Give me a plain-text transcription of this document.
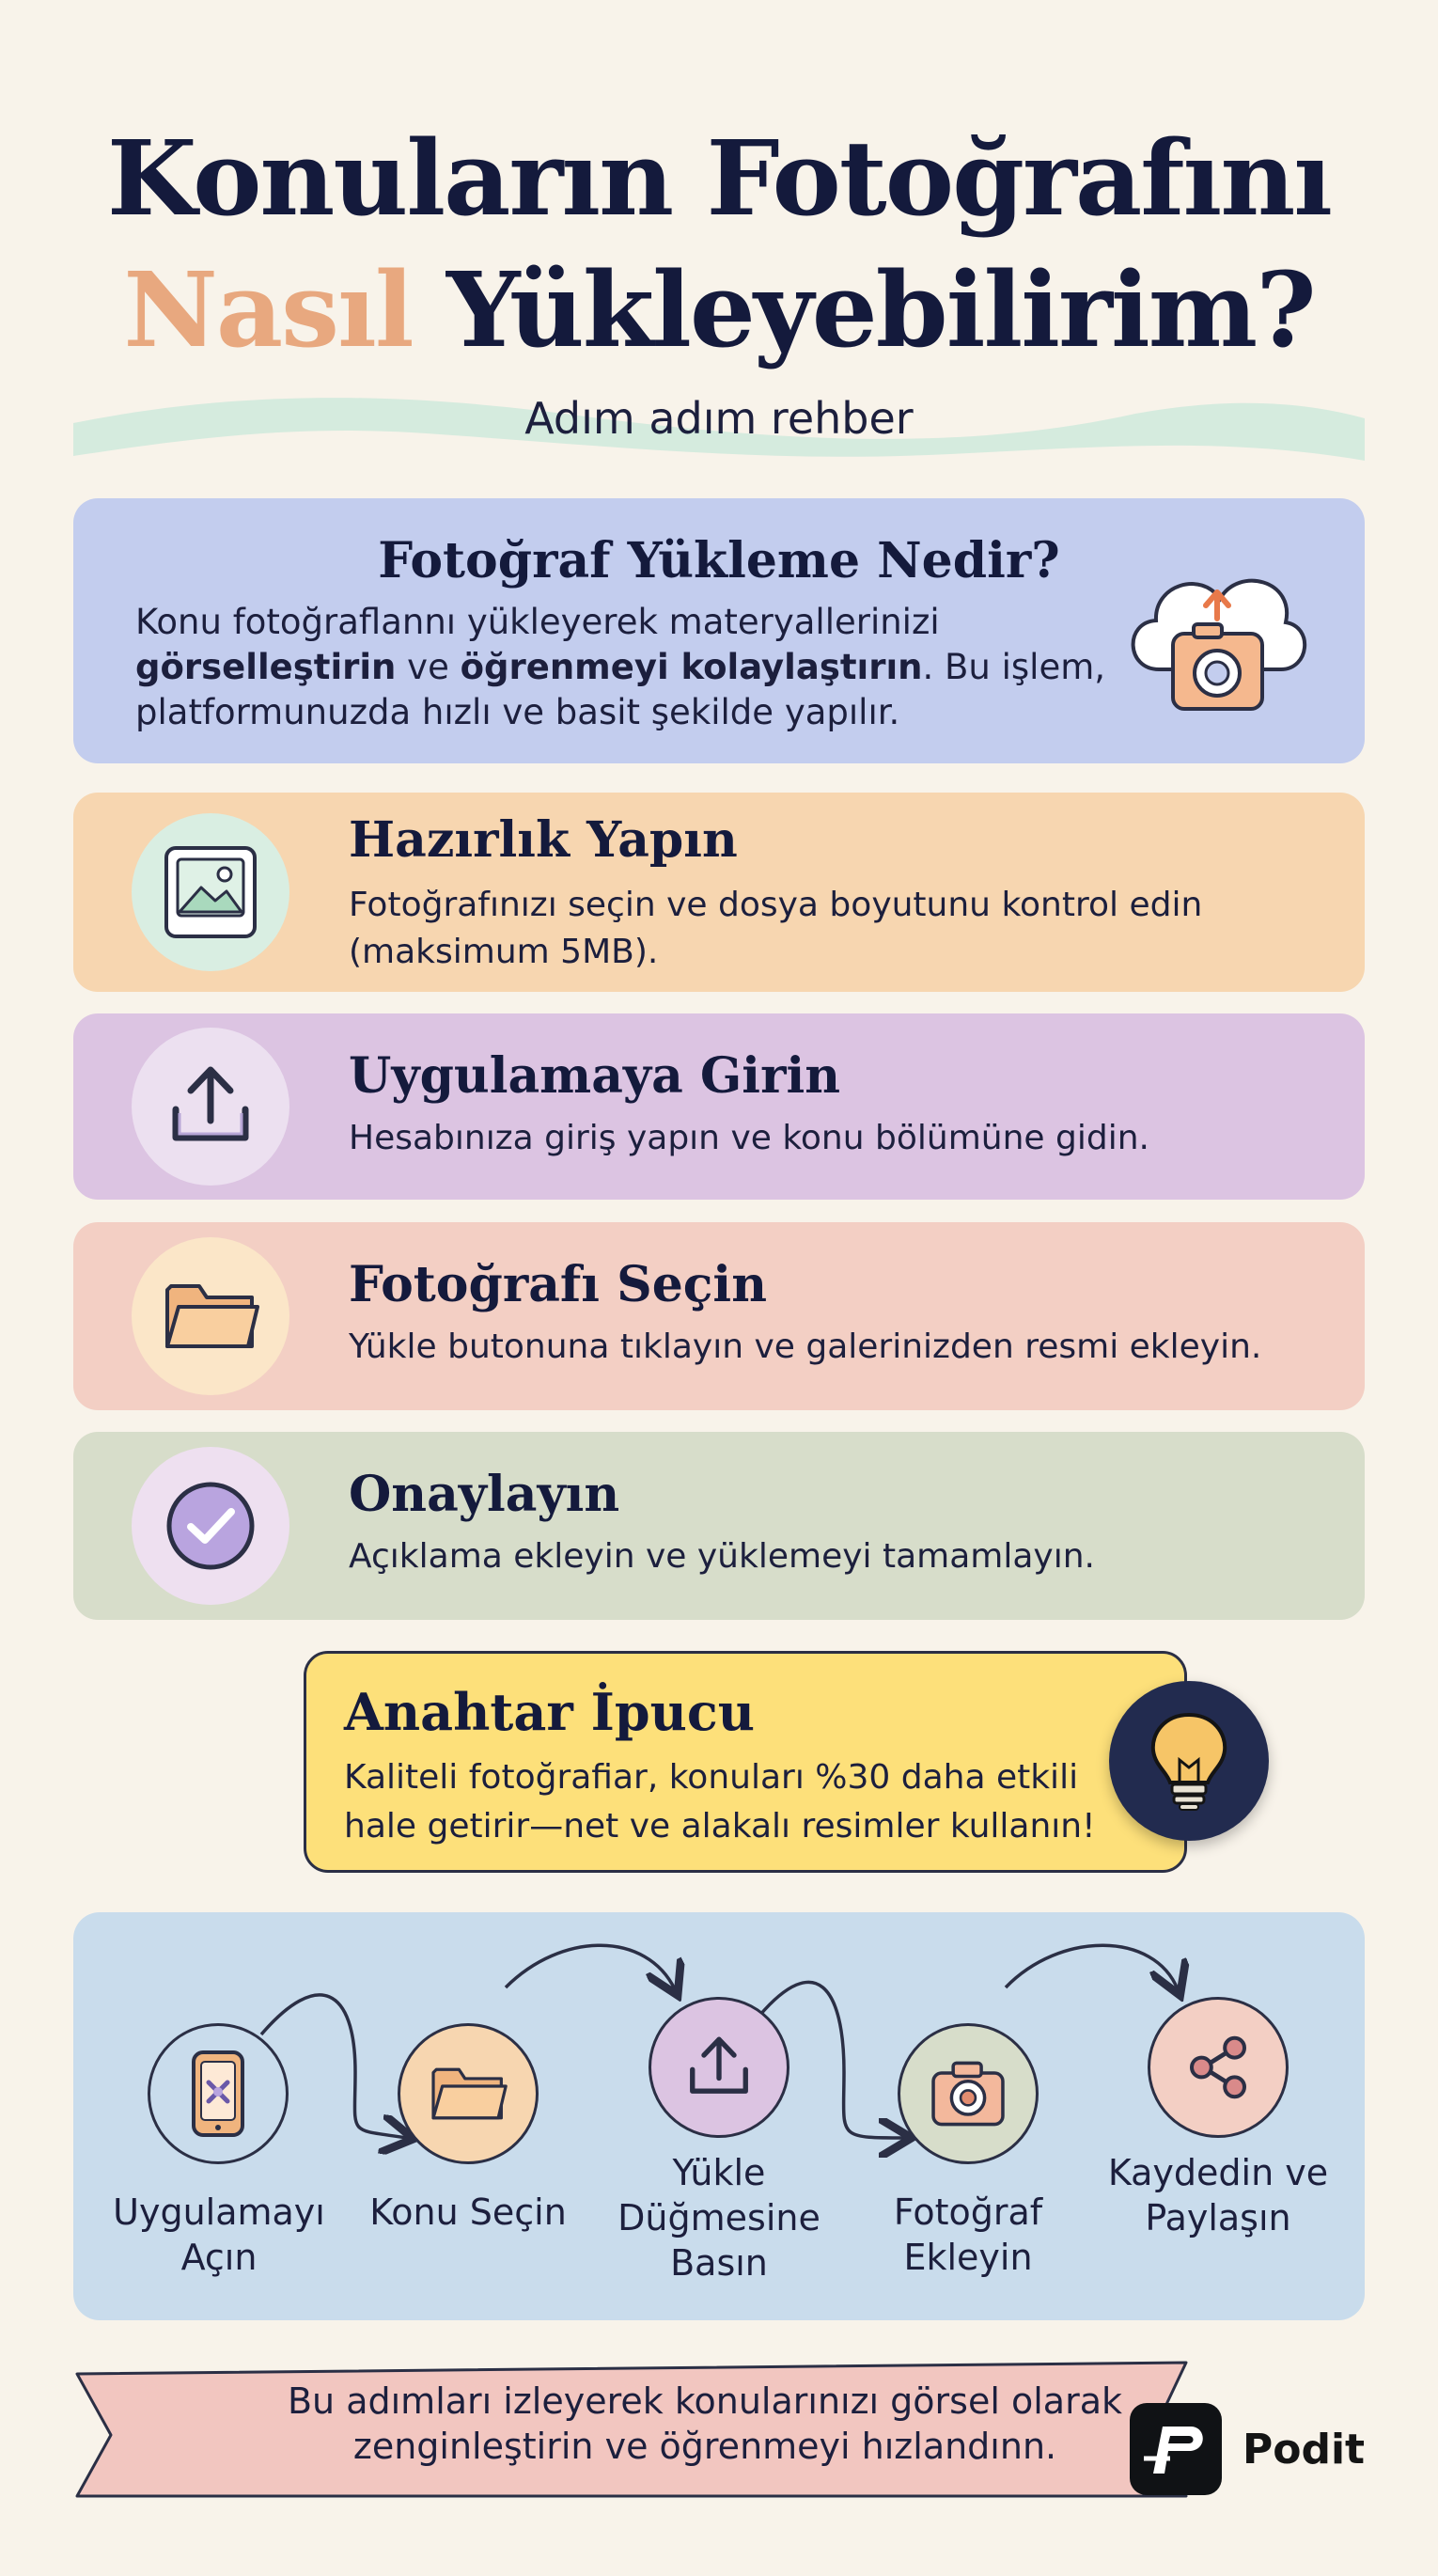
Konuların Fotoğrafını
Nasıl Yükleyebilirim?
Adım adım rehber
Fotoğraf Yükleme Nedir?
Konu fotoğraflannı yükleyerek materyallerinizi görselleştirin ve öğrenmeyi kolaylaştırın. Bu işlem, platformunuzda hızlı ve basit şekilde yapılır.
Hazırlık Yapın
Fotoğrafınızı seçin ve dosya boyutunu kontrol edin (maksimum 5MB).
Uygulamaya Girin
Hesabınıza giriş yapın ve konu bölümüne gidin.
Fotoğrafı Seçin
Yükle butonuna tıklayın ve galerinizden resmi ekleyin.
Onaylayın
Açıklama ekleyin ve yüklemeyi tamamlayın.
Anahtar İpucu
Kaliteli fotoğrafiar, konuları %30 daha etkili hale getirir—net ve alakalı resimler kullanın!
Uygulamayı Açın
Konu Seçin
Yükle Düğmesine Basın
Fotoğraf Ekleyin
Kaydedin ve Paylaşın
Bu adımları izleyerek konularınızı görsel olarak zenginleştirin ve öğrenmeyi hızlandınn.	Podit
